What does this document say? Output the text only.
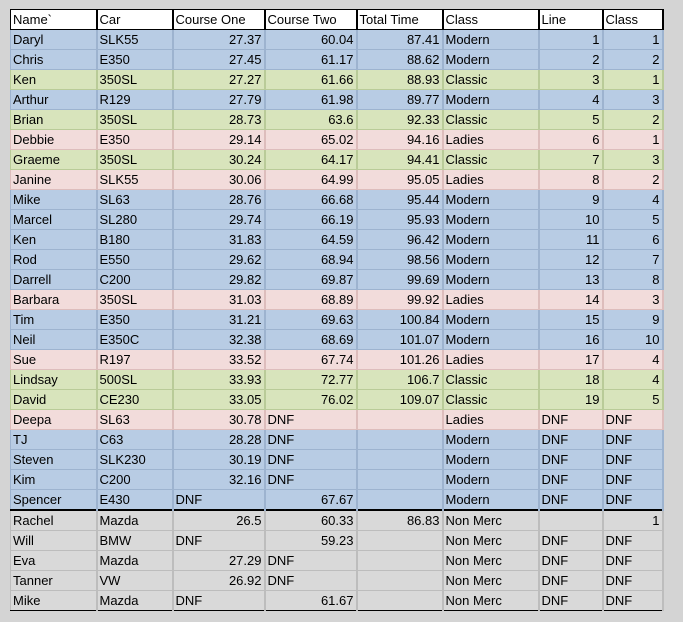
Name`	Car	Course One	Course Two	Total Time	Class	Line	Class
Daryl	SLK55	27.37	60.04	87.41	Modern	1	1
Chris	E350	27.45	61.17	88.62	Modern	2	2
Ken	350SL	27.27	61.66	88.93	Classic	3	1
Arthur	R129	27.79	61.98	89.77	Modern	4	3
Brian	350SL	28.73	63.6	92.33	Classic	5	2
Debbie	E350	29.14	65.02	94.16	Ladies	6	1
Graeme	350SL	30.24	64.17	94.41	Classic	7	3
Janine	SLK55	30.06	64.99	95.05	Ladies	8	2
Mike	SL63	28.76	66.68	95.44	Modern	9	4
Marcel	SL280	29.74	66.19	95.93	Modern	10	5
Ken	B180	31.83	64.59	96.42	Modern	11	6
Rod	E550	29.62	68.94	98.56	Modern	12	7
Darrell	C200	29.82	69.87	99.69	Modern	13	8
Barbara	350SL	31.03	68.89	99.92	Ladies	14	3
Tim	E350	31.21	69.63	100.84	Modern	15	9
Neil	E350C	32.38	68.69	101.07	Modern	16	10
Sue	R197	33.52	67.74	101.26	Ladies	17	4
Lindsay	500SL	33.93	72.77	106.7	Classic	18	4
David	CE230	33.05	76.02	109.07	Classic	19	5
Deepa	SL63	30.78	DNF		Ladies	DNF	DNF
TJ	C63	28.28	DNF		Modern	DNF	DNF
Steven	SLK230	30.19	DNF		Modern	DNF	DNF
Kim	C200	32.16	DNF		Modern	DNF	DNF
Spencer	E430	DNF	67.67		Modern	DNF	DNF
Rachel	Mazda	26.5	60.33	86.83	Non Merc		1
Will	BMW	DNF	59.23		Non Merc	DNF	DNF
Eva	Mazda	27.29	DNF		Non Merc	DNF	DNF
Tanner	VW	26.92	DNF		Non Merc	DNF	DNF
Mike	Mazda	DNF	61.67		Non Merc	DNF	DNF
